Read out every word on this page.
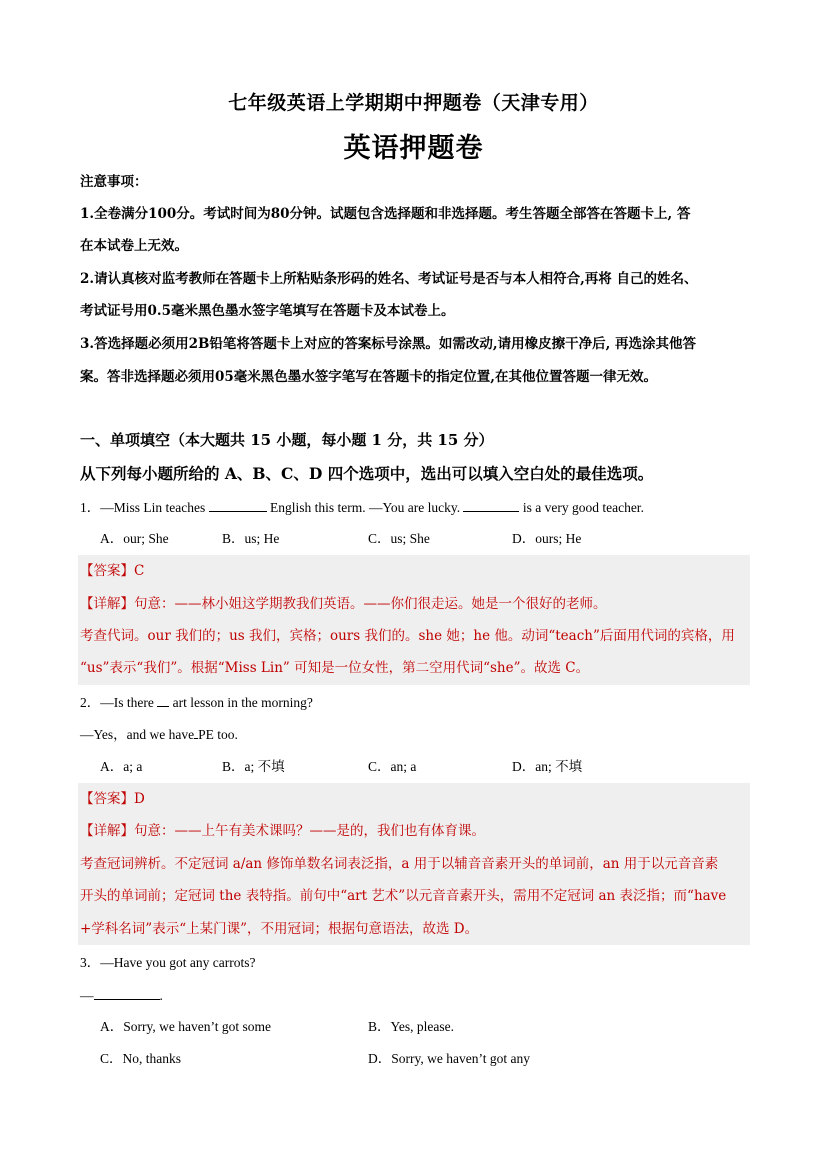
七年级英语上学期期中押题卷（天津专用）
英语押题卷
注意事项：
1.全卷满分100分。考试时间为80分钟。试题包含选择题和非选择题。考生答题全部答在答题卡上, 答
在本试卷上无效。
2.请认真核对监考教师在答题卡上所粘贴条形码的姓名、考试证号是否与本人相符合,再将 自己的姓名、
考试证号用0.5毫米黑色墨水签字笔填写在答题卡及本试卷上。
3.答选择题必须用2B铅笔将答题卡上对应的答案标号涂黑。如需改动,请用橡皮擦干净后, 再选涂其他答
案。答非选择题必须用05毫米黑色墨水签字笔写在答题卡的指定位置,在其他位置答题一律无效。
一、单项填空（本大题共 15 小题，每小题 1 分，共 15 分）
从下列每小题所给的 A、B、C、D 四个选项中，选出可以填入空白处的最佳选项。
1．—Miss Lin teaches	English this term. —You are lucky.	is a very good teacher.
A．our; She	B．us; He	C．us; She	D．ours; He
【答案】C
【详解】句意：——林小姐这学期教我们英语。——你们很走运。她是一个很好的老师。
考查代词。our 我们的；us 我们，宾格；ours 我们的。she 她；he 他。动词“teach”后面用代词的宾格，用
“us”表示“我们”。根据“Miss Lin” 可知是一位女性，第二空用代词“she”。故选 C。
2．—Is there art lesson in the morning?
—Yes，and we have PE too.
A．a; a	B．a; 不填	C．an; a	D．an; 不填
【答案】D
【详解】句意：——上午有美术课吗？——是的，我们也有体育课。
考查冠词辨析。不定冠词 a/an 修饰单数名词表泛指，a 用于以辅音音素开头的单词前，an 用于以元音音素
开头的单词前；定冠词 the 表特指。前句中“art 艺术”以元音音素开头，需用不定冠词 an 表泛指；而“have
+学科名词”表示“上某门课”，不用冠词；根据句意语法，故选 D。
3．—Have you got any carrots?
—	.
A．Sorry, we haven’t got some	B．Yes, please.
C．No, thanks	D．Sorry, we haven’t got any
